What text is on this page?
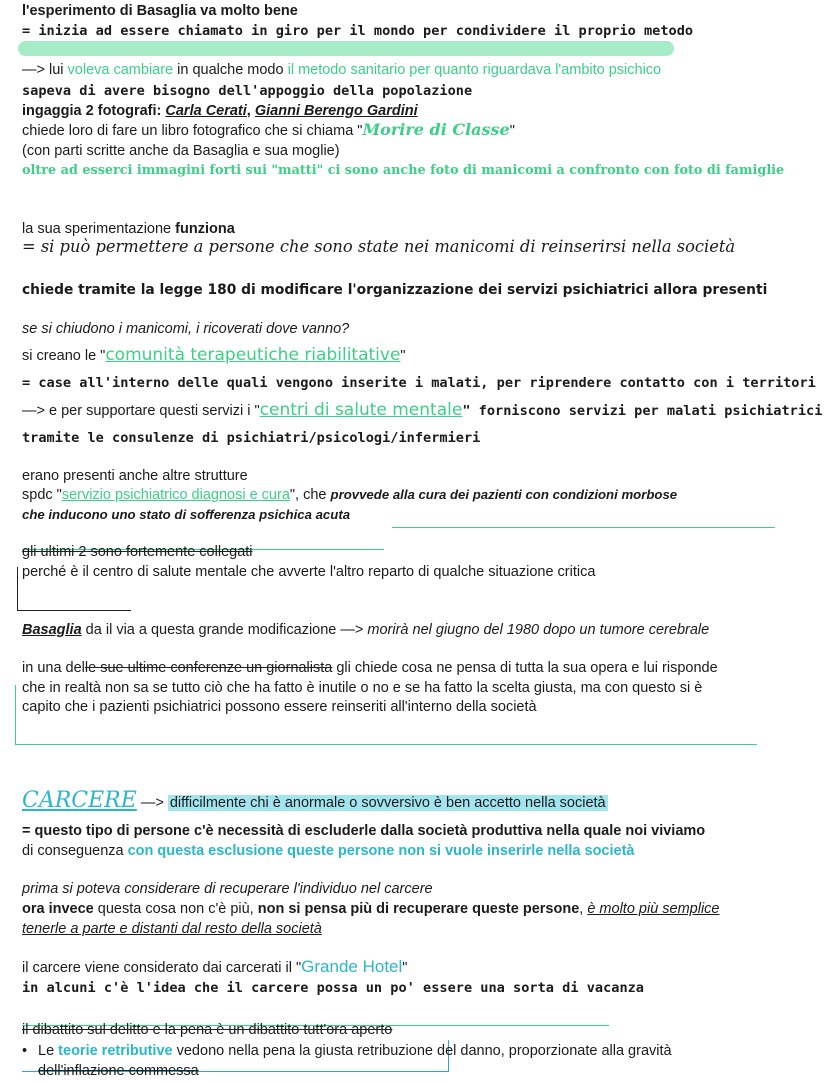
l'esperimento di Basaglia va molto bene
= inizia ad essere chiamato in giro per il mondo per condividere il proprio metodo
—> lui voleva cambiare in qualche modo il metodo sanitario per quanto riguardava l'ambito psichico
sapeva di avere bisogno dell'appoggio della popolazione
ingaggia 2 fotografi: Carla Cerati, Gianni Berengo Gardini
chiede loro di fare un libro fotografico che si chiama "Morire di Classe"
(con parti scritte anche da Basaglia e sua moglie)
oltre ad esserci immagini forti sui "matti" ci sono anche foto di manicomi a confronto con foto di famiglie
la sua sperimentazione funziona
= si può permettere a persone che sono state nei manicomi di reinserirsi nella società
chiede tramite la legge 180 di modificare l'organizzazione dei servizi psichiatrici allora presenti
se si chiudono i manicomi, i ricoverati dove vanno?
si creano le "comunità terapeutiche riabilitative"
= case all'interno delle quali vengono inserite i malati, per riprendere contatto con i territori
—> e per supportare questi servizi i "centri di salute mentale" forniscono servizi per malati psichiatrici
tramite le consulenze di psichiatri/psicologi/infermieri
erano presenti anche altre strutture
spdc "servizio psichiatrico diagnosi e cura", che provvede alla cura dei pazienti con condizioni morbose
che inducono uno stato di sofferenza psichica acuta
gli ultimi 2 sono fortemente collegati
perché è il centro di salute mentale che avverte l'altro reparto di qualche situazione critica
Basaglia da il via a questa grande modificazione —> morirà nel giugno del 1980 dopo un tumore cerebrale
in una delle sue ultime conferenze un giornalista gli chiede cosa ne pensa di tutta la sua opera e lui risponde
che in realtà non sa se tutto ciò che ha fatto è inutile o no e se ha fatto la scelta giusta, ma con questo si è
capito che i pazienti psichiatrici possono essere reinseriti all'interno della società
CARCERE —> difficilmente chi è anormale o sovversivo è ben accetto nella società
= questo tipo di persone c'è necessità di escluderle dalla società produttiva nella quale noi viviamo
di conseguenza con questa esclusione queste persone non si vuole inserirle nella società
prima si poteva considerare di recuperare l'individuo nel carcere
ora invece questa cosa non c'è più, non si pensa più di recuperare queste persone, è molto più semplice
tenerle a parte e distanti dal resto della società
il carcere viene considerato dai carcerati il "Grande Hotel"
in alcuni c'è l'idea che il carcere possa un po' essere una sorta di vacanza
il dibattito sul delitto e la pena è un dibattito tutt'ora aperto
• Le teorie retributive vedono nella pena la giusta retribuzione del danno, proporzionate alla gravità
dell'inflazione commessa
